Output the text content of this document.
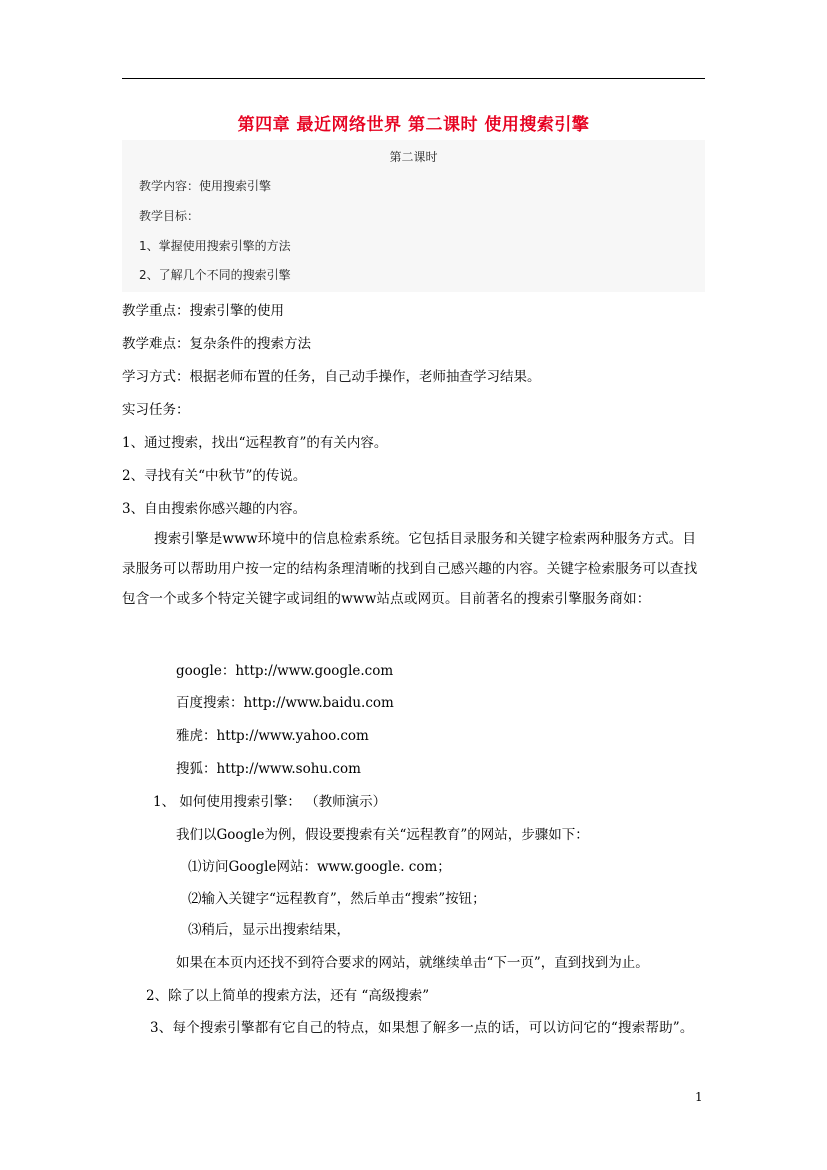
第四章 最近网络世界 第二课时 使用搜索引擎
第二课时
教学内容：使用搜索引擎
教学目标：
1、掌握使用搜索引擎的方法
2、了解几个不同的搜索引擎
教学重点：搜索引擎的使用
教学难点：复杂条件的搜索方法
学习方式：根据老师布置的任务，自己动手操作，老师抽查学习结果。
实习任务：
1、通过搜索，找出“远程教育”的有关内容。
2、寻找有关“中秋节”的传说。
3、自由搜索你感兴趣的内容。
搜索引擎是www环境中的信息检索系统。它包括目录服务和关键字检索两种服务方式。目录服务可以帮助用户按一定的结构条理清晰的找到自己感兴趣的内容。关键字检索服务可以查找包含一个或多个特定关键字或词组的www站点或网页。目前著名的搜索引擎服务商如：
google：http://www.google.com
百度搜索：http://www.baidu.com
雅虎：http://www.yahoo.com
搜狐：http://www.sohu.com
1、 如何使用搜索引擎： （教师演示）
我们以Google为例，假设要搜索有关“远程教育”的网站，步骤如下：
⑴访问Google网站：www.google. com；
⑵输入关键字“远程教育”，然后单击“搜索”按钮；
⑶稍后，显示出搜索结果，
如果在本页内还找不到符合要求的网站，就继续单击“下一页”，直到找到为止。
2、除了以上简单的搜索方法，还有 “高级搜索”
3、每个搜索引擎都有它自己的特点，如果想了解多一点的话，可以访问它的“搜索帮助”。
1
